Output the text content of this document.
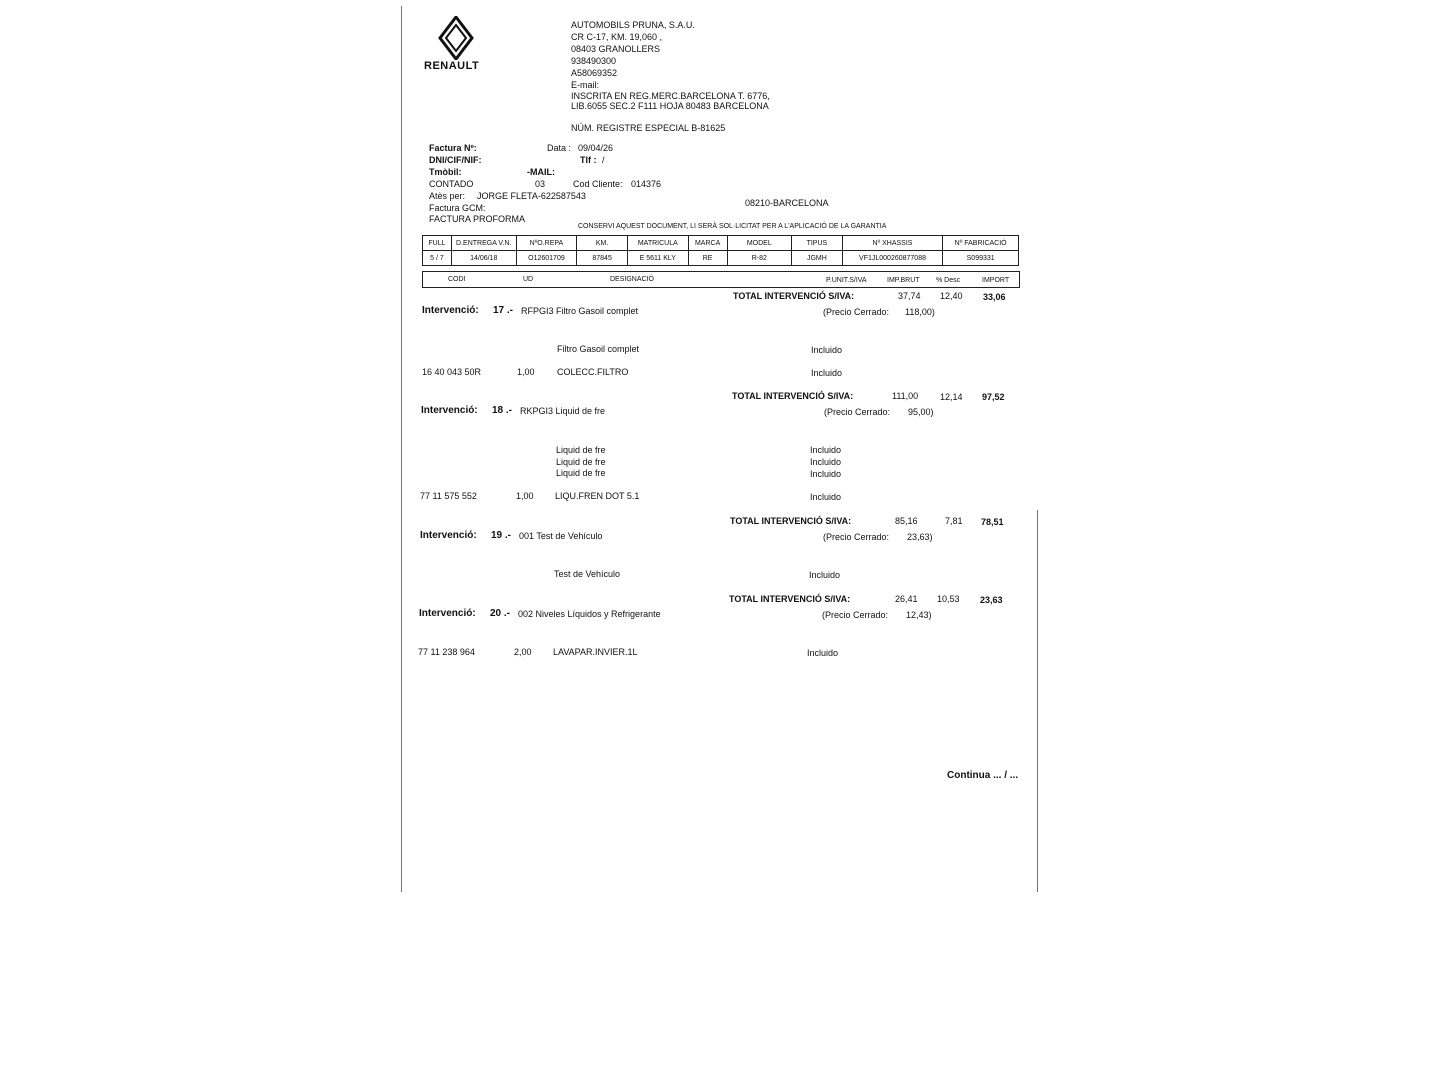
RENAULT
AUTOMOBILS PRUNA, S.A.U.
CR C-17, KM. 19,060 ,
08403 GRANOLLERS
938490300
A58069352
E-mail:
INSCRITA EN REG.MERC.BARCELONA T. 6776,
LIB.6055 SEC.2 F111 HOJA 80483 BARCELONA
NÚM. REGISTRE ESPECIAL B-81625
Factura Nº:	Data : 09/04/26
DNI/CIF/NIF:	Tlf : /
Tmòbil:	-MAIL:
CONTADO	03	Cod Cliente: 014376
Atès per: JORGE FLETA-622587543
Factura GCM:	08210-BARCELONA
FACTURA PROFORMA
CONSERVI AQUEST DOCUMENT, LI SERÀ SOL·LICITAT PER A L'APLICACIÓ DE LA GARANTIA
FULL	D.ENTREGA V.N.	NºO.REPA	KM.	MATRICULA	MARCA	MODEL	TIPUS	Nº XHASSIS	Nº FABRICACIÓ
5 / 7	14/06/18	O12601709	87845	E 5611 KLY	RE	R-82	JGMH	VF1JL000260877088	S099331
CODI	UD	DESIGNACIÓ	P.UNIT.S/IVA	IMP.BRUT % Desc	IMPORT
TOTAL INTERVENCIÓ S/IVA:	37,74 12,40 33,06
Intervenció: 17 .- RFPGI3 Filtro Gasoil complet	(Precio Cerrado: 118,00)
Filtro Gasoil complet	Incluido
16 40 043 50R	1,00 COLECC.FILTRO	Incluido
TOTAL INTERVENCIÓ S/IVA:	111,00 12,14 97,52
Intervenció: 18 .- RKPGI3 Liquid de fre	(Precio Cerrado: 95,00)
Liquid de fre	Incluido
Liquid de fre	Incluido
Liquid de fre	Incluido
77 11 575 552	1,00 LIQU.FREN DOT 5.1	Incluido
TOTAL INTERVENCIÓ S/IVA:	85,16	7,81 78,51
Intervenció: 19 .- 001 Test de Vehículo	(Precio Cerrado: 23,63)
Test de Vehículo	Incluido
TOTAL INTERVENCIÓ S/IVA:	26,41 10,53 23,63
Intervenció: 20 .- 002 Niveles Líquidos y Refrigerante	(Precio Cerrado: 12,43)
77 11 238 964	2,00 LAVAPAR.INVIER.1L	Incluido
Continua ... / ...
